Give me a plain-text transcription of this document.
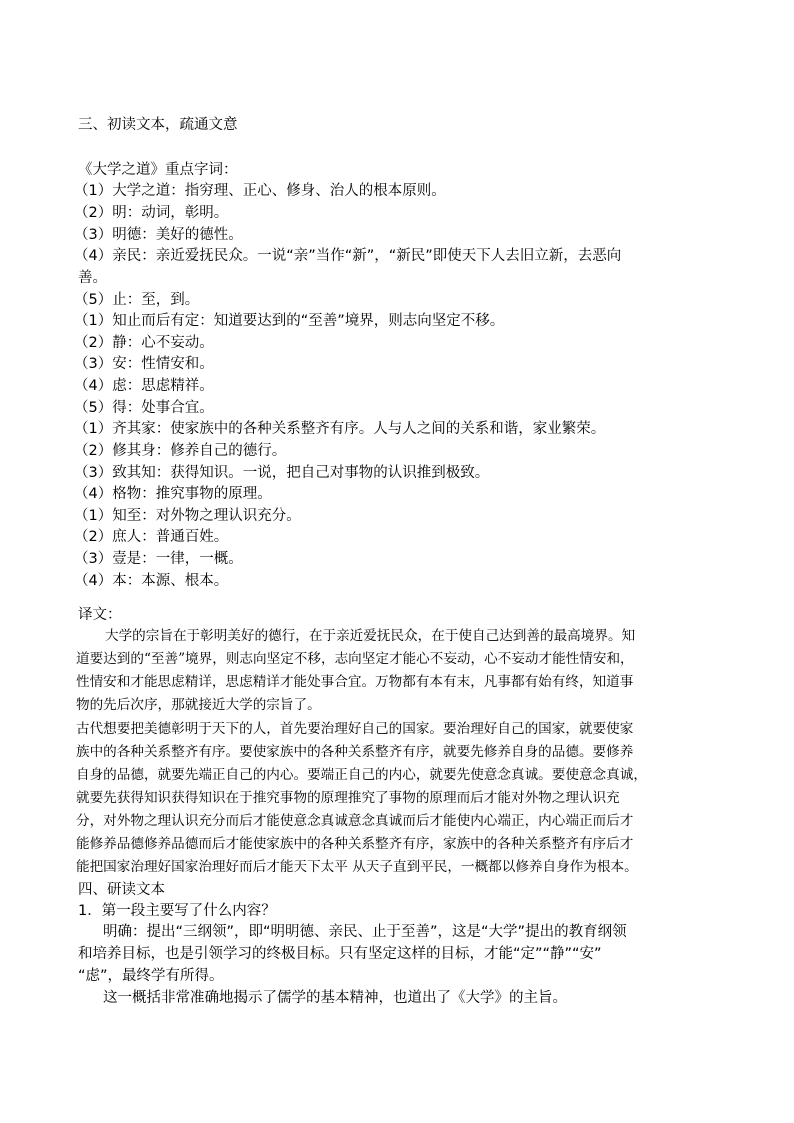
三、初读文本，疏通文意
《大学之道》重点字词：
（1）大学之道：指穷理、正心、修身、治人的根本原则。
（2）明：动词，彰明。
（3）明德：美好的德性。
（4）亲民：亲近爱抚民众。一说“亲”当作“新”，“新民”即使天下人去旧立新，去恶向
善。
（5）止：至，到。
（1）知止而后有定：知道要达到的“至善”境界，则志向坚定不移。
（2）静：心不妄动。
（3）安：性情安和。
（4）虑：思虑精祥。
（5）得：处事合宜。
（1）齐其家：使家族中的各种关系整齐有序。人与人之间的关系和谐，家业繁荣。
（2）修其身：修养自己的德行。
（3）致其知：获得知识。一说，把自己对事物的认识推到极致。
（4）格物：推究事物的原理。
（1）知至：对外物之理认识充分。
（2）庶人：普通百姓。
（3）壹是：一律，一概。
（4）本：本源、根本。
译文：
大学的宗旨在于彰明美好的德行，在于亲近爱抚民众，在于使自己达到善的最高境界。知
道要达到的“至善”境界，则志向坚定不移，志向坚定才能心不妄动，心不妄动才能性情安和，
性情安和才能思虑精详，思虑精详才能处事合宜。万物都有本有末，凡事都有始有终，知道事
物的先后次序，那就接近大学的宗旨了。
古代想要把美德彰明于天下的人，首先要治理好自己的国家。要治理好自己的国家，就要使家
族中的各种关系整齐有序。要使家族中的各种关系整齐有序，就要先修养自身的品德。要修养
自身的品德，就要先端正自己的内心。要端正自己的内心，就要先使意念真诚。要使意念真诚，
就要先获得知识获得知识在于推究事物的原理推究了事物的原理而后才能对外物之理认识充
分，对外物之理认识充分而后才能使意念真诚意念真诚而后才能使内心端正，内心端正而后才
能修养品德修养品德而后才能使家族中的各种关系整齐有序，家族中的各种关系整齐有序后才
能把国家治理好国家治理好而后才能天下太平 从天子直到平民，一概都以修养自身作为根本。
四、研读文本
1．第一段主要写了什么内容？
明确：提出“三纲领”，即“明明德、亲民、止于至善”，这是“大学”提出的教育纲领
和培养目标，也是引领学习的终极目标。只有坚定这样的目标，才能“定”“静”“安”
“虑”，最终学有所得。
这一概括非常准确地揭示了儒学的基本精神，也道出了《大学》的主旨。
